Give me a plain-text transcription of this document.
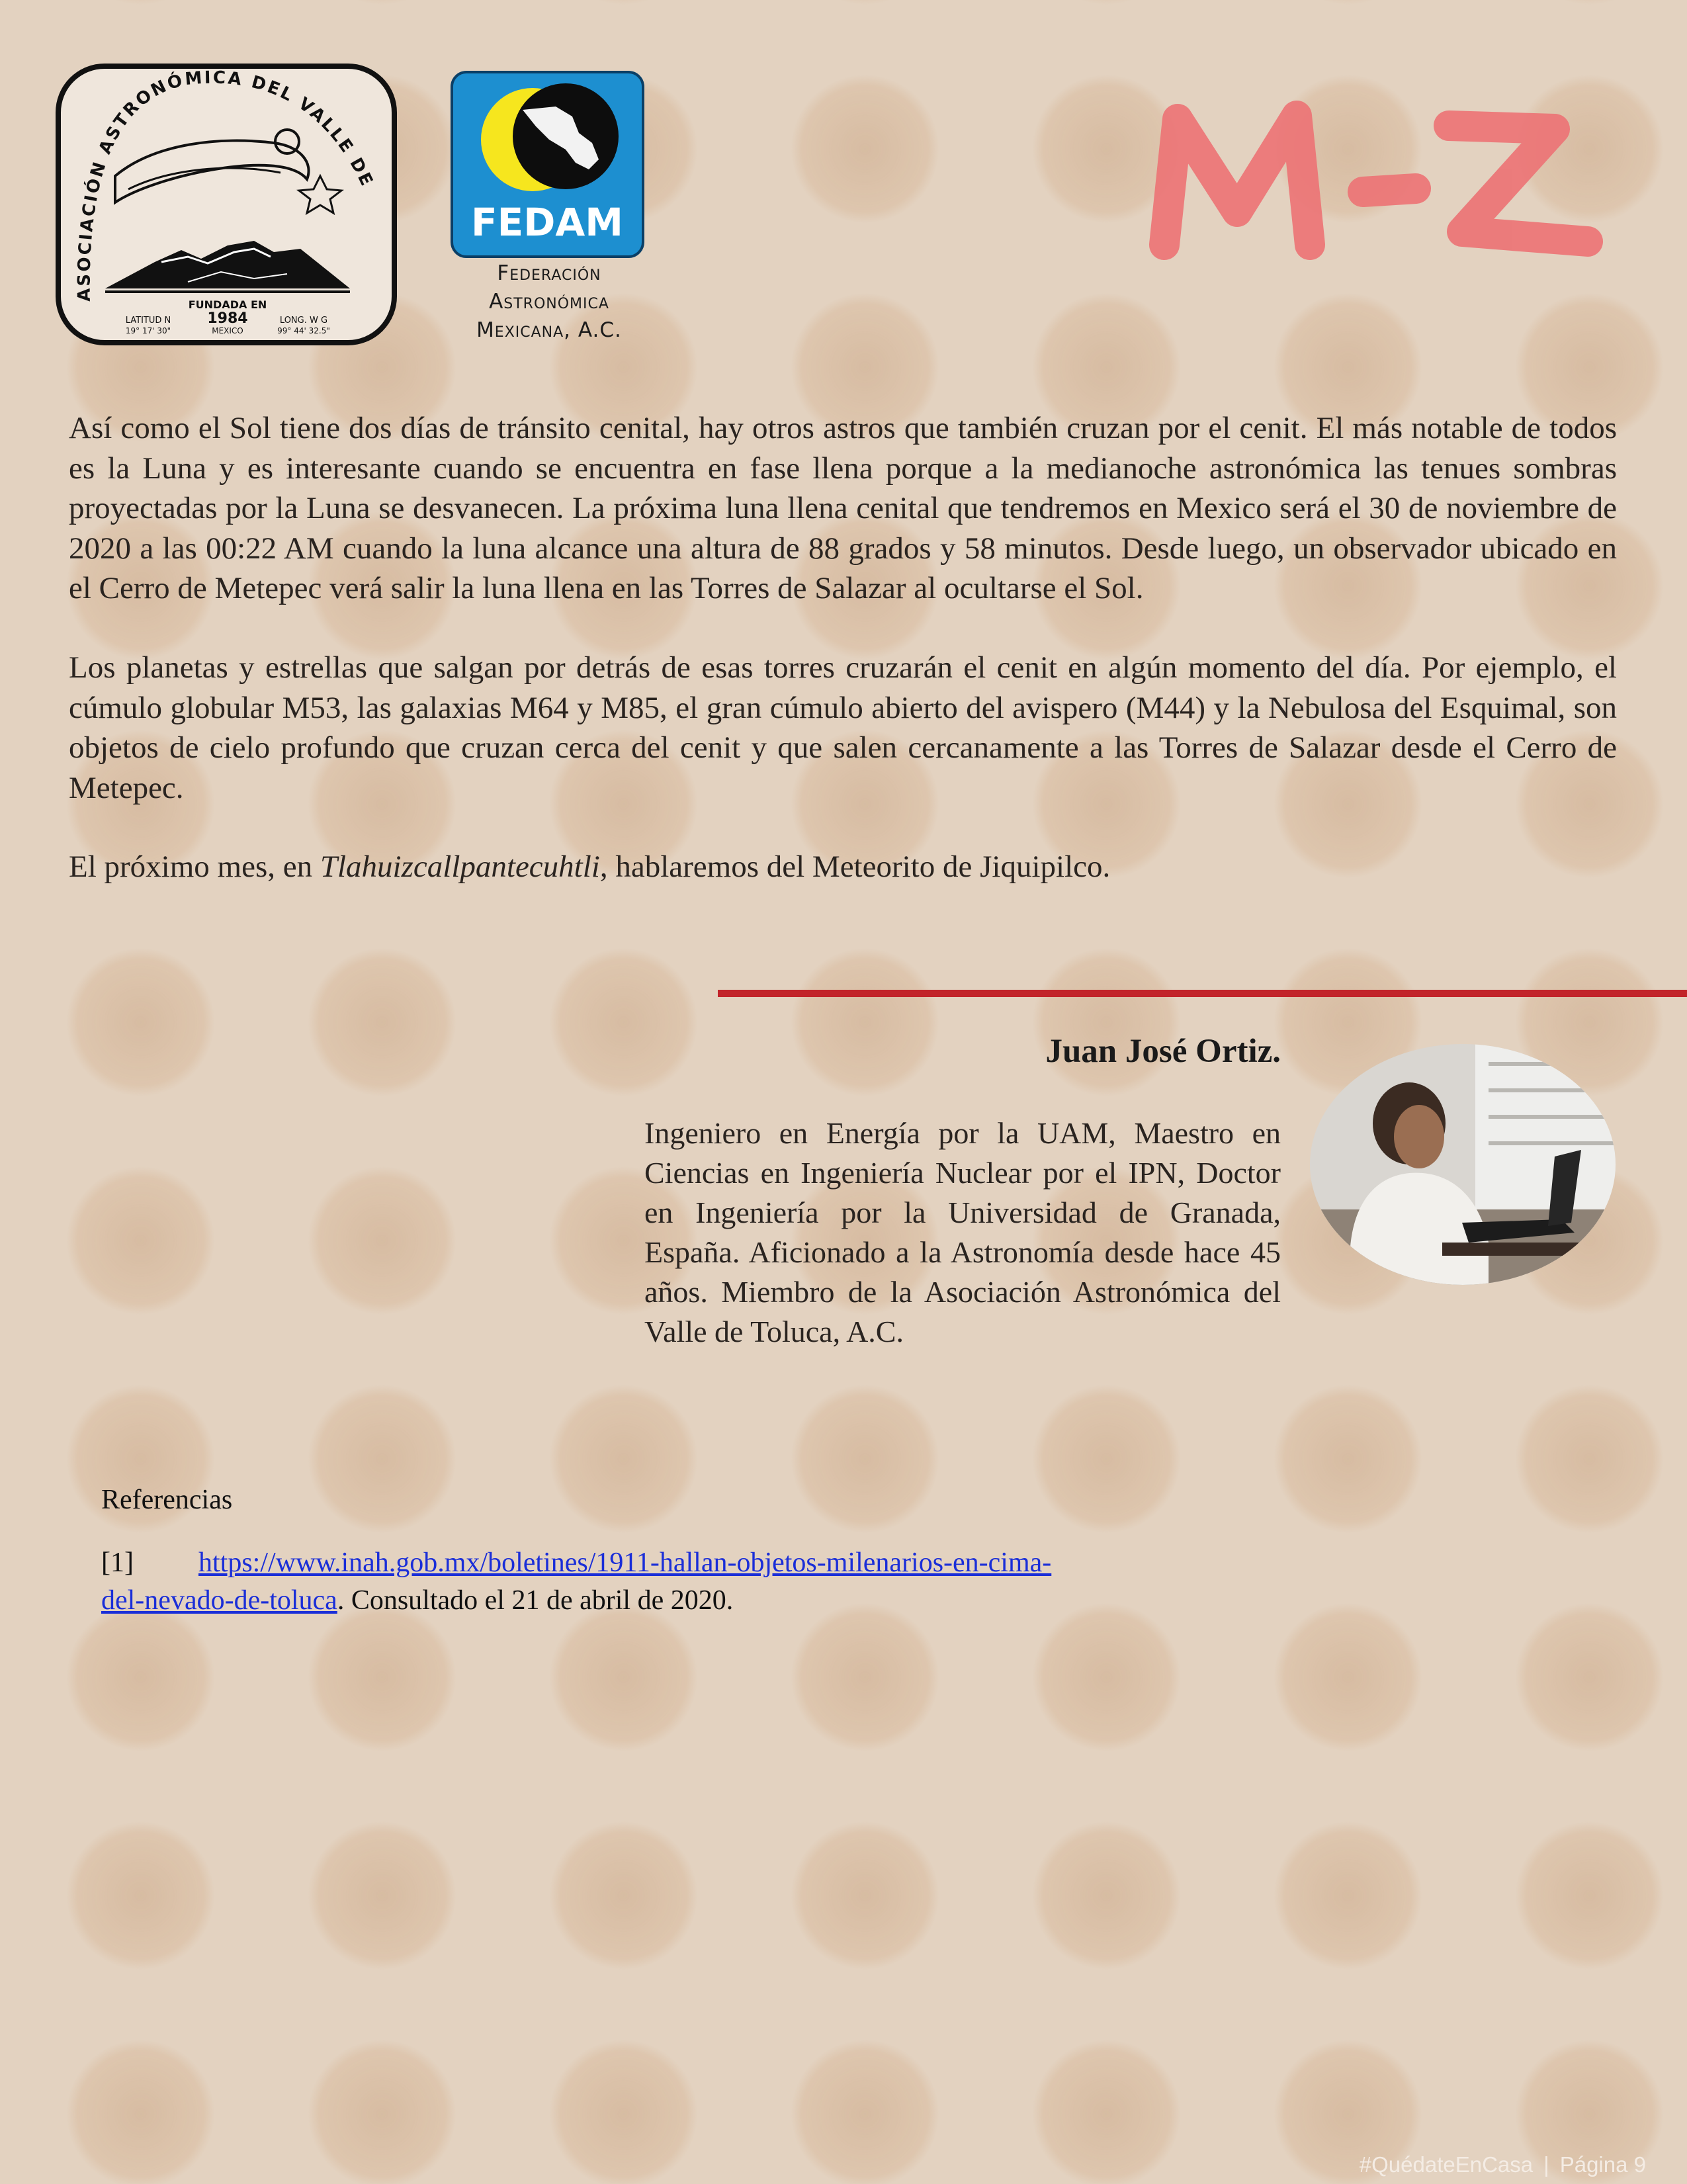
ASOCIACIÓN ASTRONÓMICA DEL VALLE DE
FUNDADA EN
1984
MEXICO
LATITUD N
19° 17' 30"
LONG. W G
99° 44' 32.5"
FEDAM
Federación
Astronómica
Mexicana, A.C.

Así como el Sol tiene dos días de tránsito cenital, hay otros astros que también cruzan por el cenit. El más notable de todos es la Luna y es interesante cuando se encuentra en fase llena porque a la medianoche astronómica las tenues sombras proyectadas por la Luna se desvanecen. La próxima luna llena cenital que tendremos en Mexico será el 30 de noviembre de 2020 a las 00:22 AM cuando la luna alcance una altura de 88 grados y 58 minutos. Desde luego, un observador ubicado en el Cerro de Metepec verá salir la luna llena en las Torres de Salazar al ocultarse el Sol.

Los planetas y estrellas que salgan por detrás de esas torres cruzarán el cenit en algún momento del día. Por ejemplo, el cúmulo globular M53, las galaxias M64 y M85, el gran cúmulo abierto del avispero (M44) y la Nebulosa del Esquimal, son objetos de cielo profundo que cruzan cerca del cenit y que salen cercanamente a las Torres de Salazar desde el Cerro de Metepec.

El próximo mes, en Tlahuizcallpantecuhtli, hablaremos del Meteorito de Jiquipilco.

Juan José Ortiz.
Ingeniero en Energía por la UAM, Maestro en Ciencias en Ingeniería Nuclear por el IPN, Doctor en Ingeniería por la Universidad de Granada, España. Aficionado a la Astronomía desde hace 45 años. Miembro de la Asociación Astronómica del Valle de Toluca, A.C.
Referencias
[1] https://www.inah.gob.mx/boletines/1911-hallan-objetos-milenarios-en-cima-del-nevado-de-toluca. Consultado el 21 de abril de 2020.
#QuédateEnCasa | Página 9
